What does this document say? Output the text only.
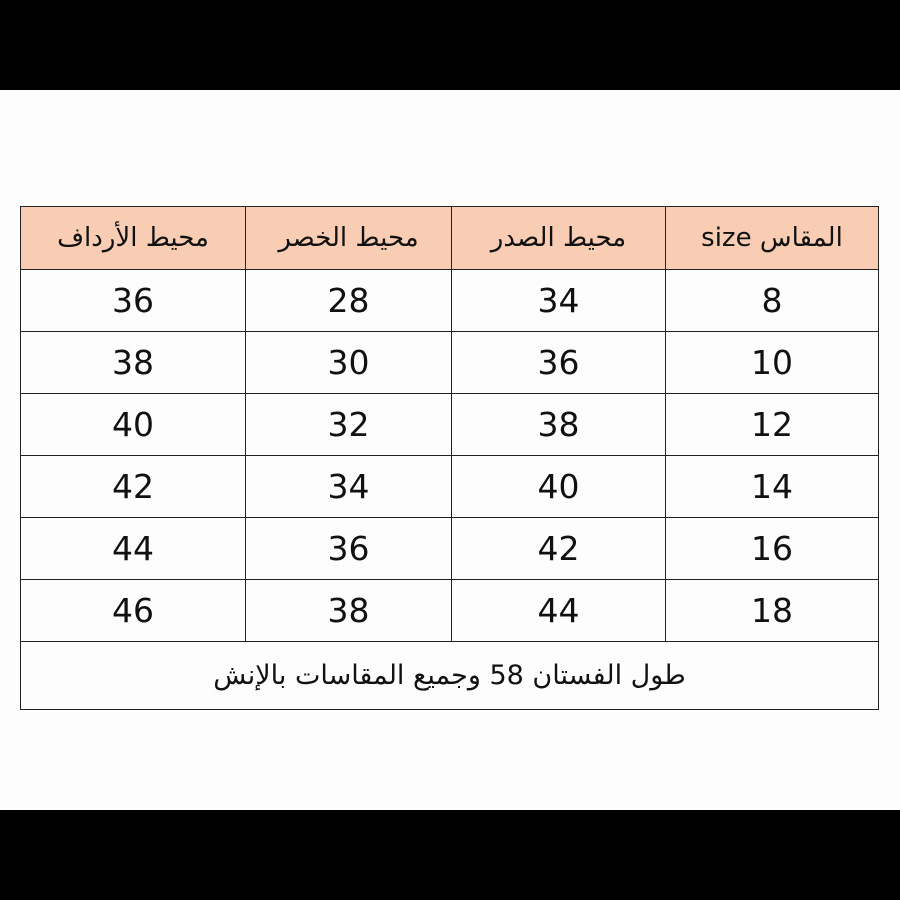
المقاس size	محيط الصدر	محيط الخصر	محيط الأرداف
8	34	28	36
10	36	30	38
12	38	32	40
14	40	34	42
16	42	36	44
18	44	38	46
طول الفستان 58 وجميع المقاسات بالإنش			
